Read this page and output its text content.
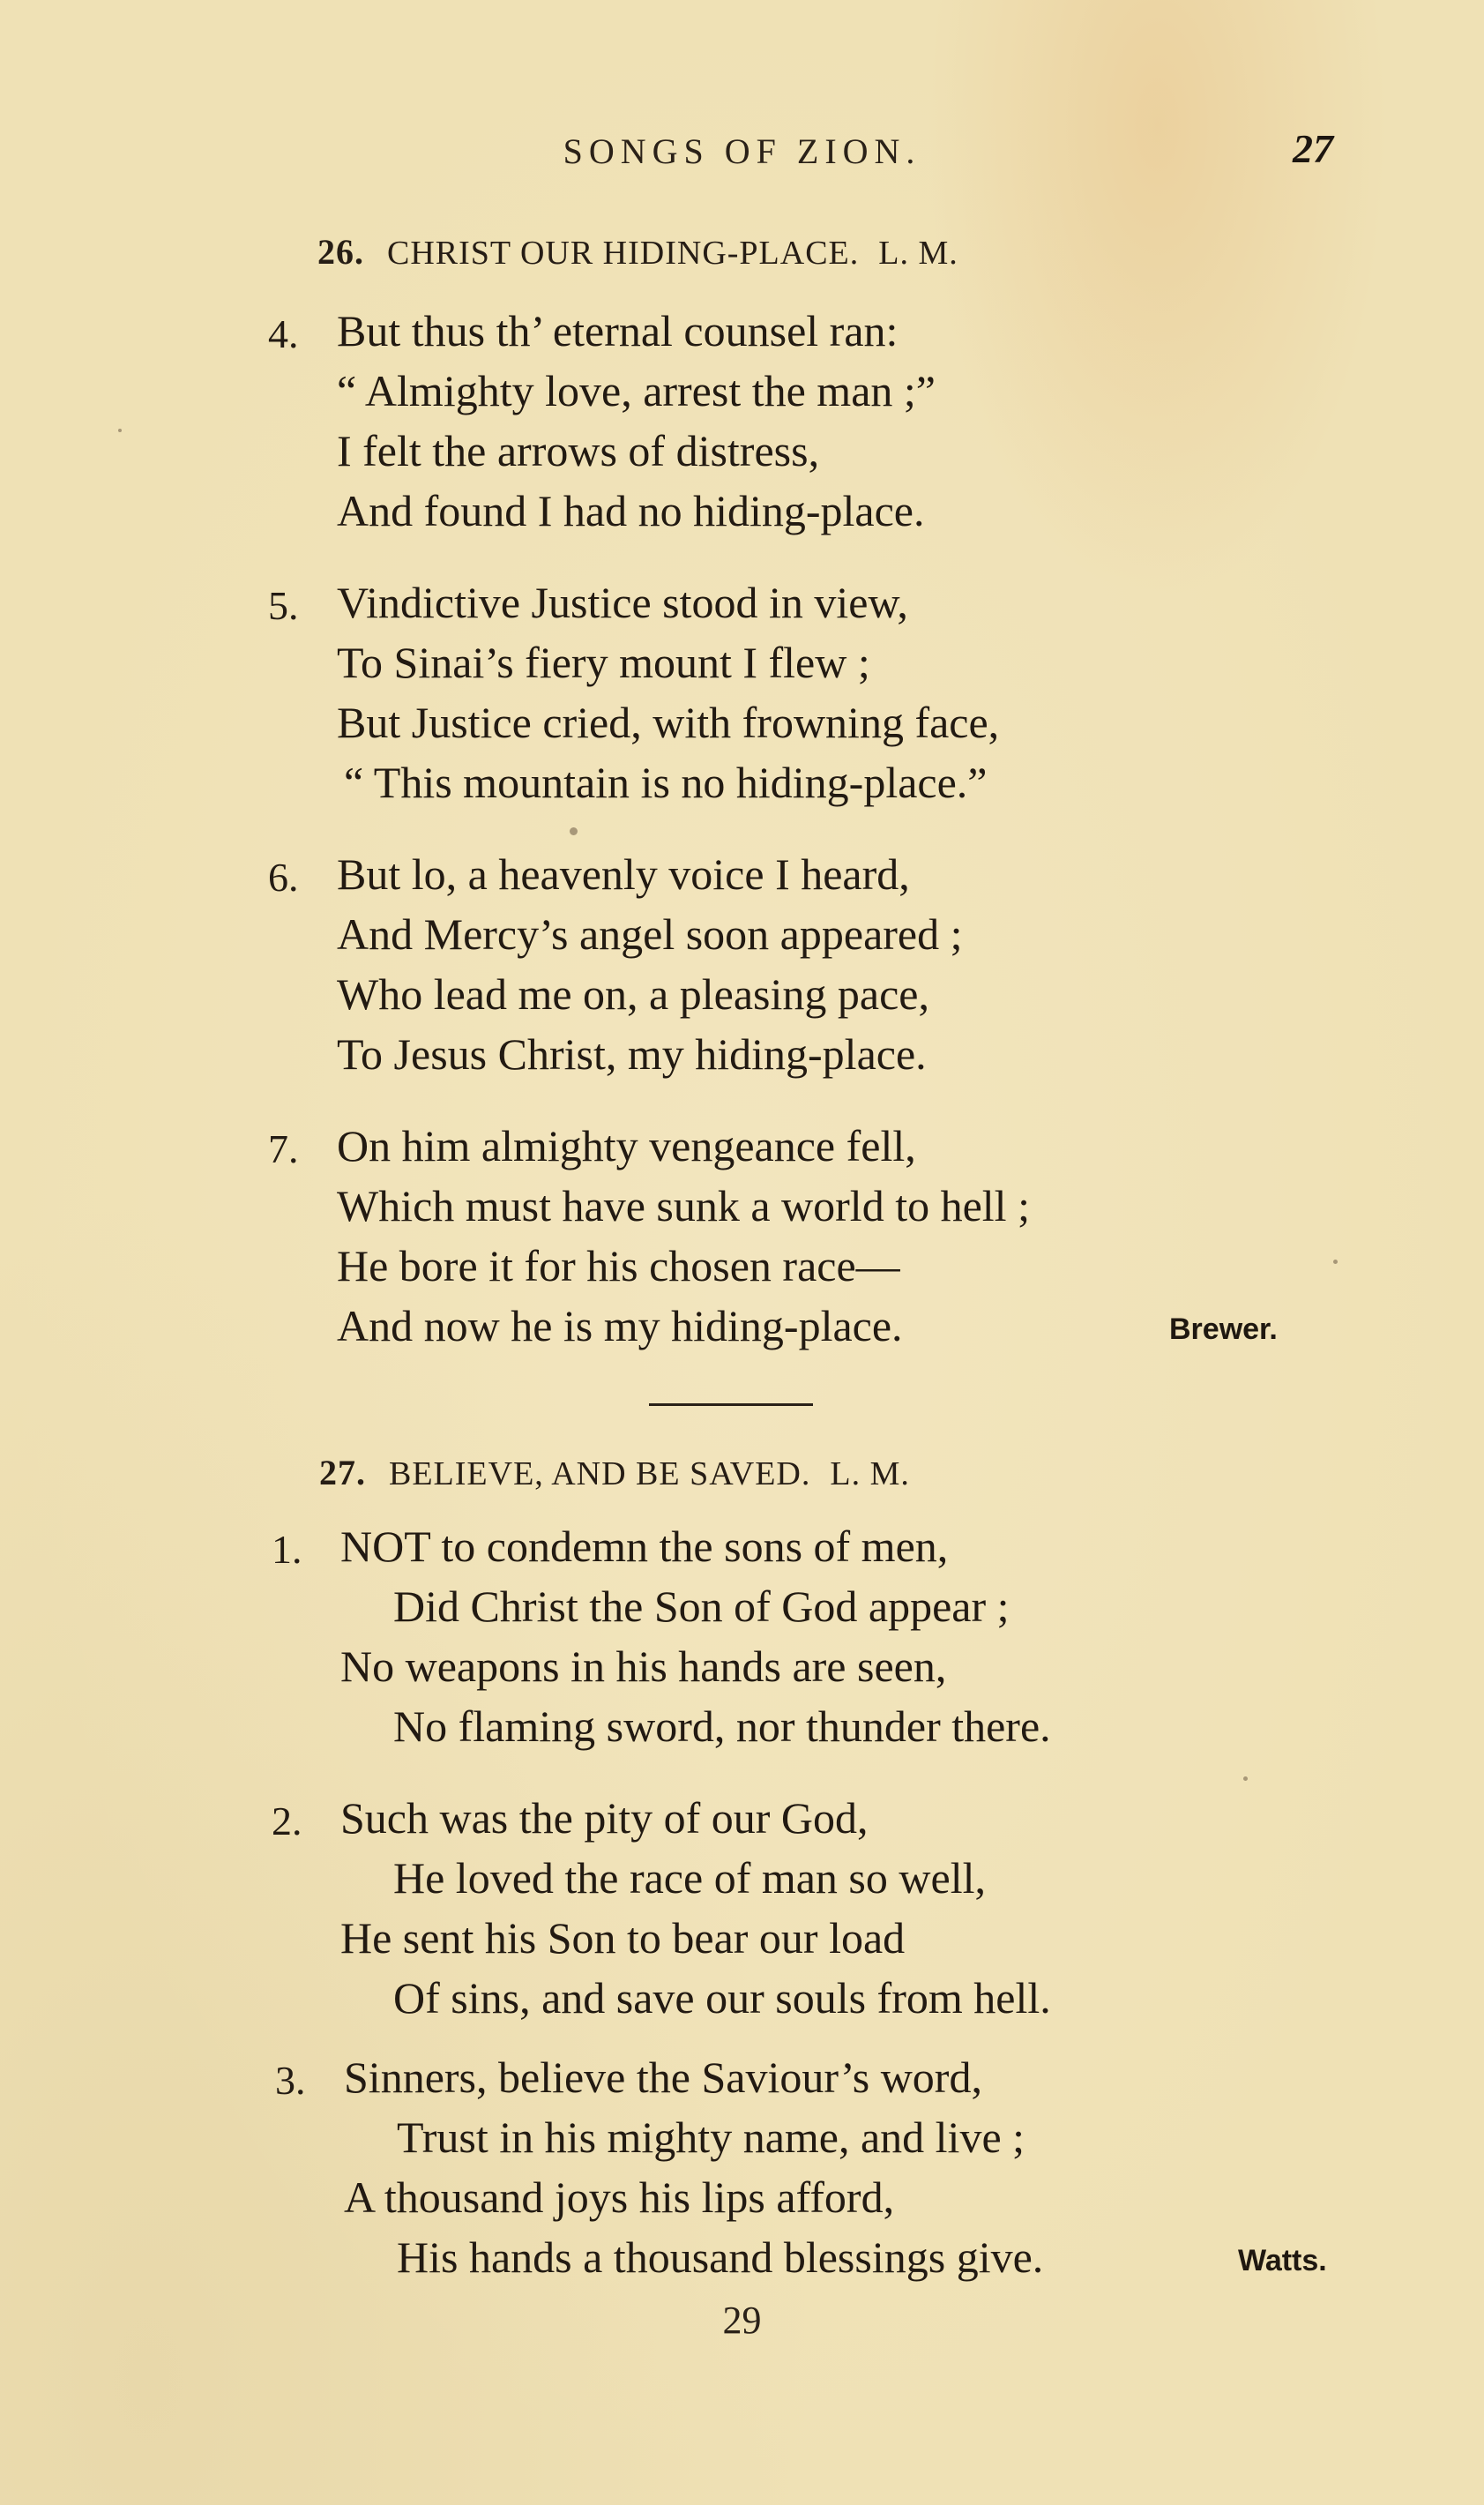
SONGS OF ZION.	27
26. CHRIST OUR HIDING-PLACE. L. M.
4. But thus th’ eternal counsel ran:
“ Almighty love, arrest the man ;”
I felt the arrows of distress,
And found I had no hiding-place.
5. Vindictive Justice stood in view,
To Sinai’s fiery mount I flew ;
But Justice cried, with frowning face,
“ This mountain is no hiding-place.”
6. But lo, a heavenly voice I heard,
And Mercy’s angel soon appeared ;
Who lead me on, a pleasing pace,
To Jesus Christ, my hiding-place.
7. On him almighty vengeance fell,
Which must have sunk a world to hell ;
He bore it for his chosen race—
And now he is my hiding-place.	Brewer.
27. BELIEVE, AND BE SAVED. L. M.
1. NOT to condemn the sons of men,
Did Christ the Son of God appear ;
No weapons in his hands are seen,
No flaming sword, nor thunder there.
2. Such was the pity of our God,
He loved the race of man so well,
He sent his Son to bear our load
Of sins, and save our souls from hell.
3. Sinners, believe the Saviour’s word,
Trust in his mighty name, and live ;
A thousand joys his lips afford,
His hands a thousand blessings give.	Watts.
29
